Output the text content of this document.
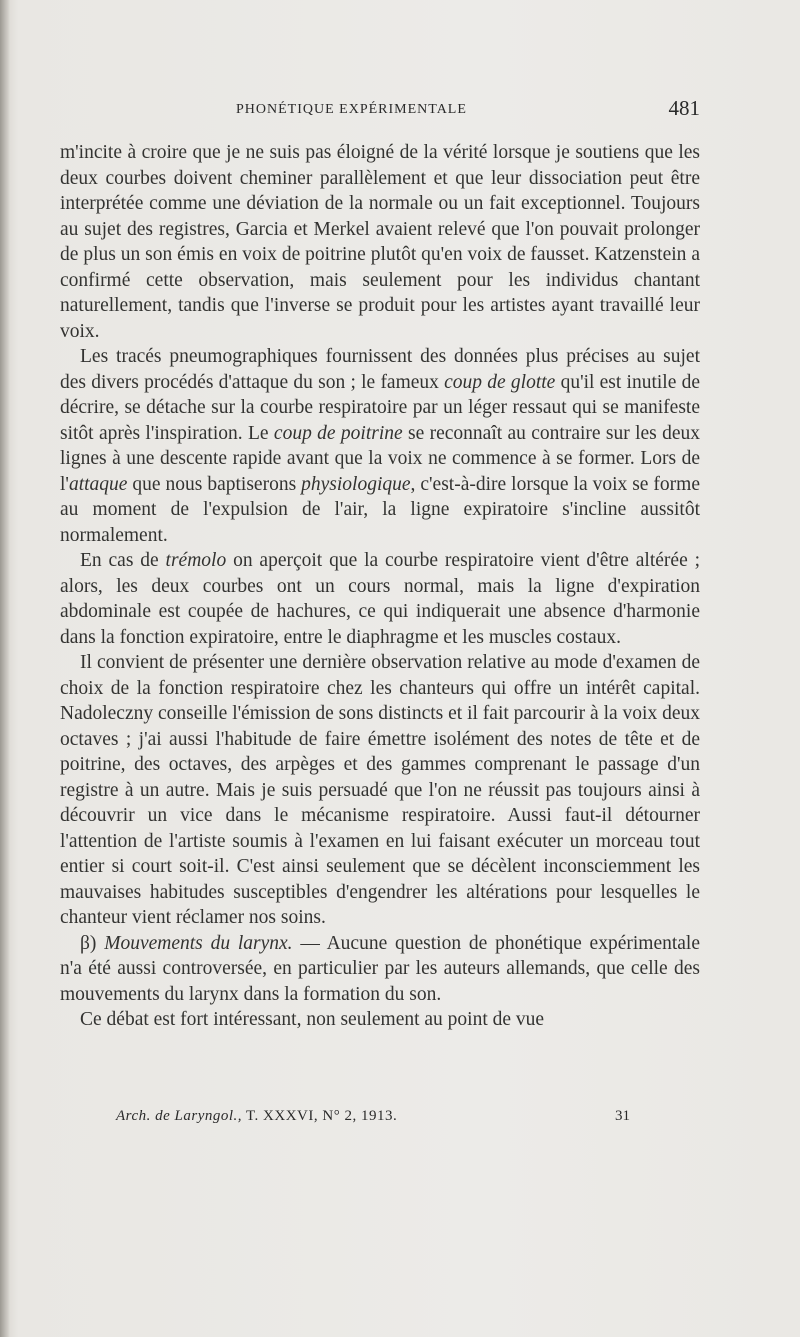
PHONÉTIQUE EXPÉRIMENTALE	481

m'incite à croire que je ne suis pas éloigné de la vérité lorsque je soutiens que les deux courbes doivent cheminer parallèlement et que leur dissociation peut être interprétée comme une déviation de la normale ou un fait exceptionnel. Toujours au sujet des registres, Garcia et Merkel avaient relevé que l'on pouvait prolonger de plus un son émis en voix de poitrine plutôt qu'en voix de fausset. Katzenstein a confirmé cette observation, mais seulement pour les individus chantant naturellement, tandis que l'inverse se produit pour les artistes ayant travaillé leur voix.

Les tracés pneumographiques fournissent des données plus précises au sujet des divers procédés d'attaque du son ; le fameux coup de glotte qu'il est inutile de décrire, se détache sur la courbe respiratoire par un léger ressaut qui se manifeste sitôt après l'inspiration. Le coup de poitrine se reconnaît au contraire sur les deux lignes à une descente rapide avant que la voix ne commence à se former. Lors de l'attaque que nous baptiserons physiologique, c'est-à-dire lorsque la voix se forme au moment de l'expulsion de l'air, la ligne expiratoire s'incline aussitôt normalement.

En cas de trémolo on aperçoit que la courbe respiratoire vient d'être altérée ; alors, les deux courbes ont un cours normal, mais la ligne d'expiration abdominale est coupée de hachures, ce qui indiquerait une absence d'harmonie dans la fonction expiratoire, entre le diaphragme et les muscles costaux.

Il convient de présenter une dernière observation relative au mode d'examen de choix de la fonction respiratoire chez les chanteurs qui offre un intérêt capital. Nadoleczny conseille l'émission de sons distincts et il fait parcourir à la voix deux octaves ; j'ai aussi l'habitude de faire émettre isolément des notes de tête et de poitrine, des octaves, des arpèges et des gammes comprenant le passage d'un registre à un autre. Mais je suis persuadé que l'on ne réussit pas toujours ainsi à découvrir un vice dans le mécanisme respiratoire. Aussi faut-il détourner l'attention de l'artiste soumis à l'examen en lui faisant exécuter un morceau tout entier si court soit-il. C'est ainsi seulement que se décèlent inconsciemment les mauvaises habitudes susceptibles d'engendrer les altérations pour lesquelles le chanteur vient réclamer nos soins.

β) Mouvements du larynx. — Aucune question de phonétique expérimentale n'a été aussi controversée, en particulier par les auteurs allemands, que celle des mouvements du larynx dans la formation du son.

Ce débat est fort intéressant, non seulement au point de vue

Arch. de Laryngol., T. XXXVI, N° 2, 1913.	31
